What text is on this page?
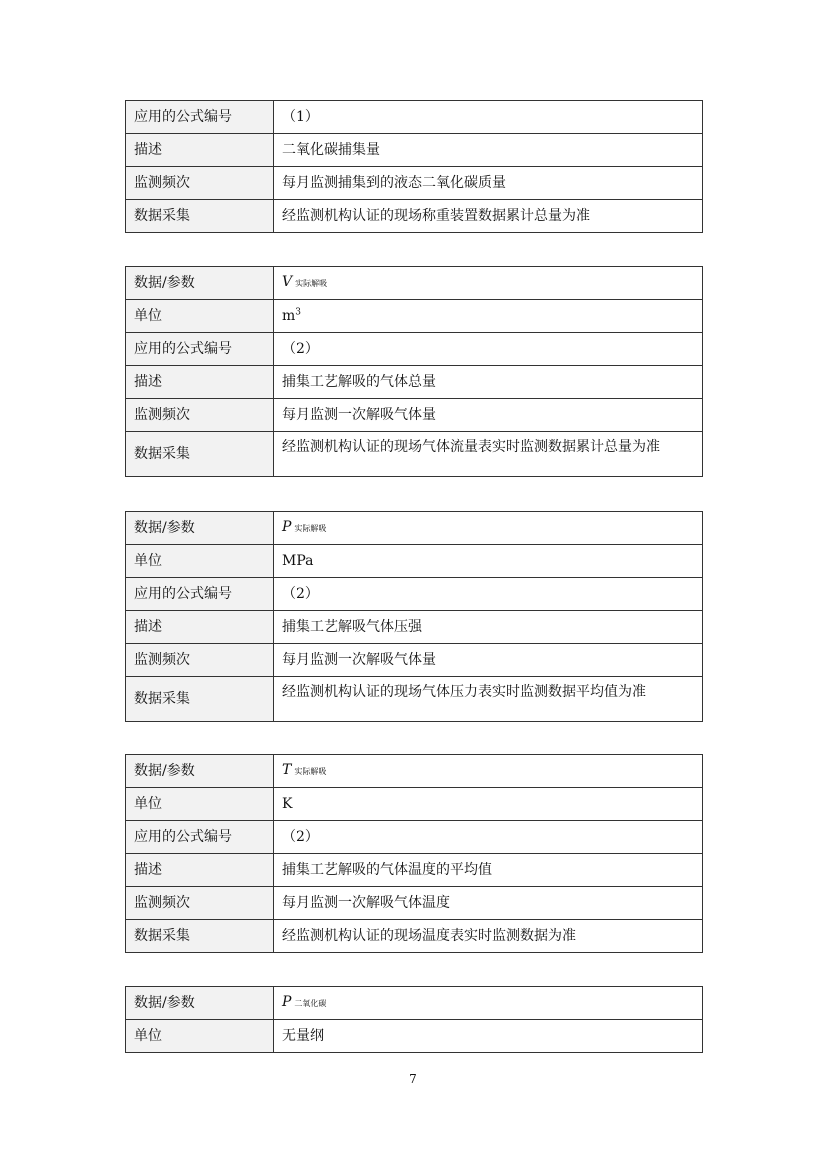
应用的公式编号	（1）
描述	二氧化碳捕集量
监测频次	每月监测捕集到的液态二氧化碳质量
数据采集	经监测机构认证的现场称重装置数据累计总量为准
数据/参数	V 实际解吸
单位	$m^3$
应用的公式编号	（2）
描述	捕集工艺解吸的气体总量
监测频次	每月监测一次解吸气体量
数据采集	经监测机构认证的现场气体流量表实时监测数据累计总量为准
数据/参数	P 实际解吸
单位	MPa
应用的公式编号	（2）
描述	捕集工艺解吸气体压强
监测频次	每月监测一次解吸气体量
数据采集	经监测机构认证的现场气体压力表实时监测数据平均值为准
数据/参数	T 实际解吸
单位	K
应用的公式编号	（2）
描述	捕集工艺解吸的气体温度的平均值
监测频次	每月监测一次解吸气体温度
数据采集	经监测机构认证的现场温度表实时监测数据为准
数据/参数	P 二氧化碳
单位	无量纲
7
